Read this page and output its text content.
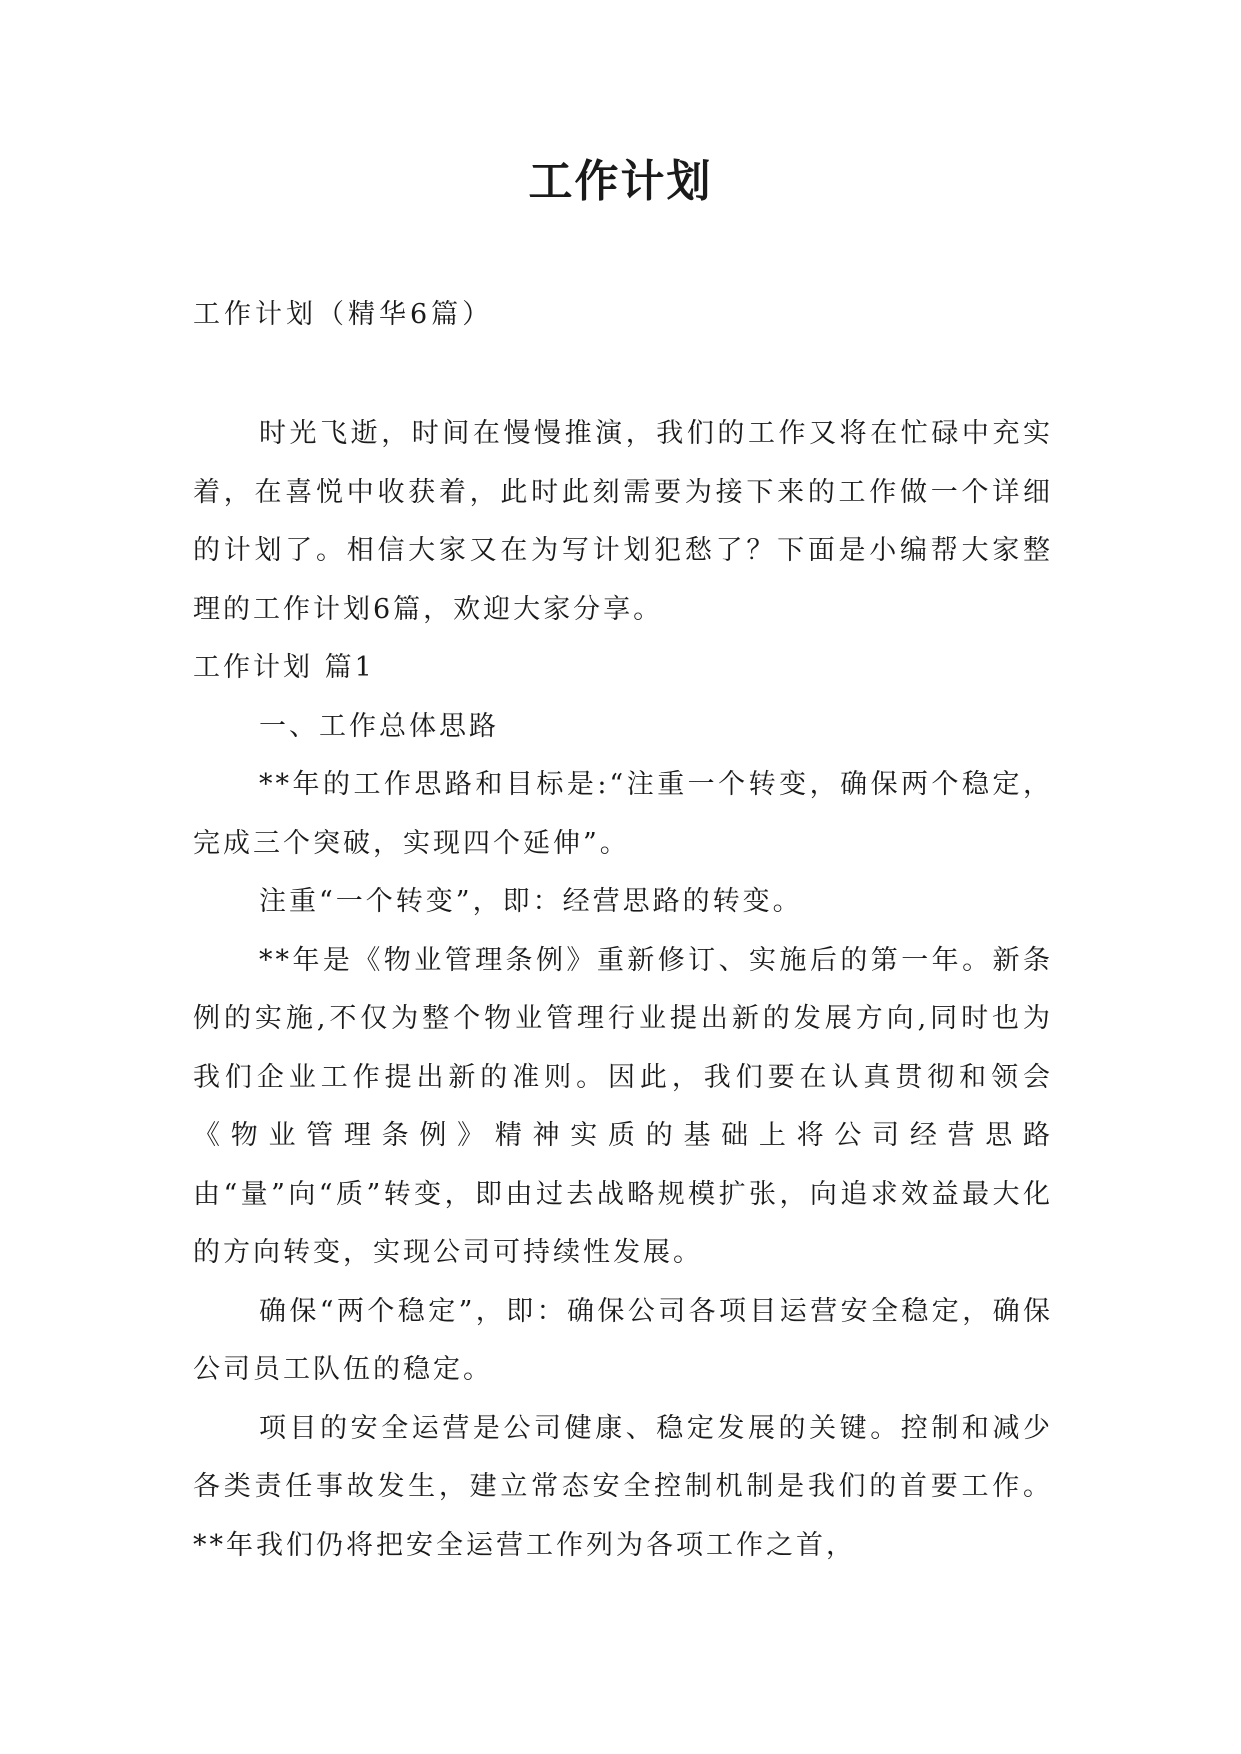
工作计划
工作计划（精华6篇）

时光飞逝，时间在慢慢推演，我们的工作又将在忙碌中充实着，在喜悦中收获着，此时此刻需要为接下来的工作做一个详细的计划了。相信大家又在为写计划犯愁了？下面是小编帮大家整理的工作计划6篇，欢迎大家分享。

工作计划 篇1

一、工作总体思路

**年的工作思路和目标是:“注重一个转变，确保两个稳定，完成三个突破，实现四个延伸”。

注重“一个转变”，即：经营思路的转变。

**年是《物业管理条例》重新修订、实施后的第一年。新条例的实施,不仅为整个物业管理行业提出新的发展方向,同时也为我们企业工作提出新的准则。因此，我们要在认真贯彻和领会《物业管理条例》精神实质的基础上将公司经营思路由“量”向“质”转变，即由过去战略规模扩张，向追求效益最大化的方向转变，实现公司可持续性发展。

确保“两个稳定”，即：确保公司各项目运营安全稳定，确保公司员工队伍的稳定。

项目的安全运营是公司健康、稳定发展的关键。控制和减少各类责任事故发生，建立常态安全控制机制是我们的首要工作。**年我们仍将把安全运营工作列为各项工作之首，
